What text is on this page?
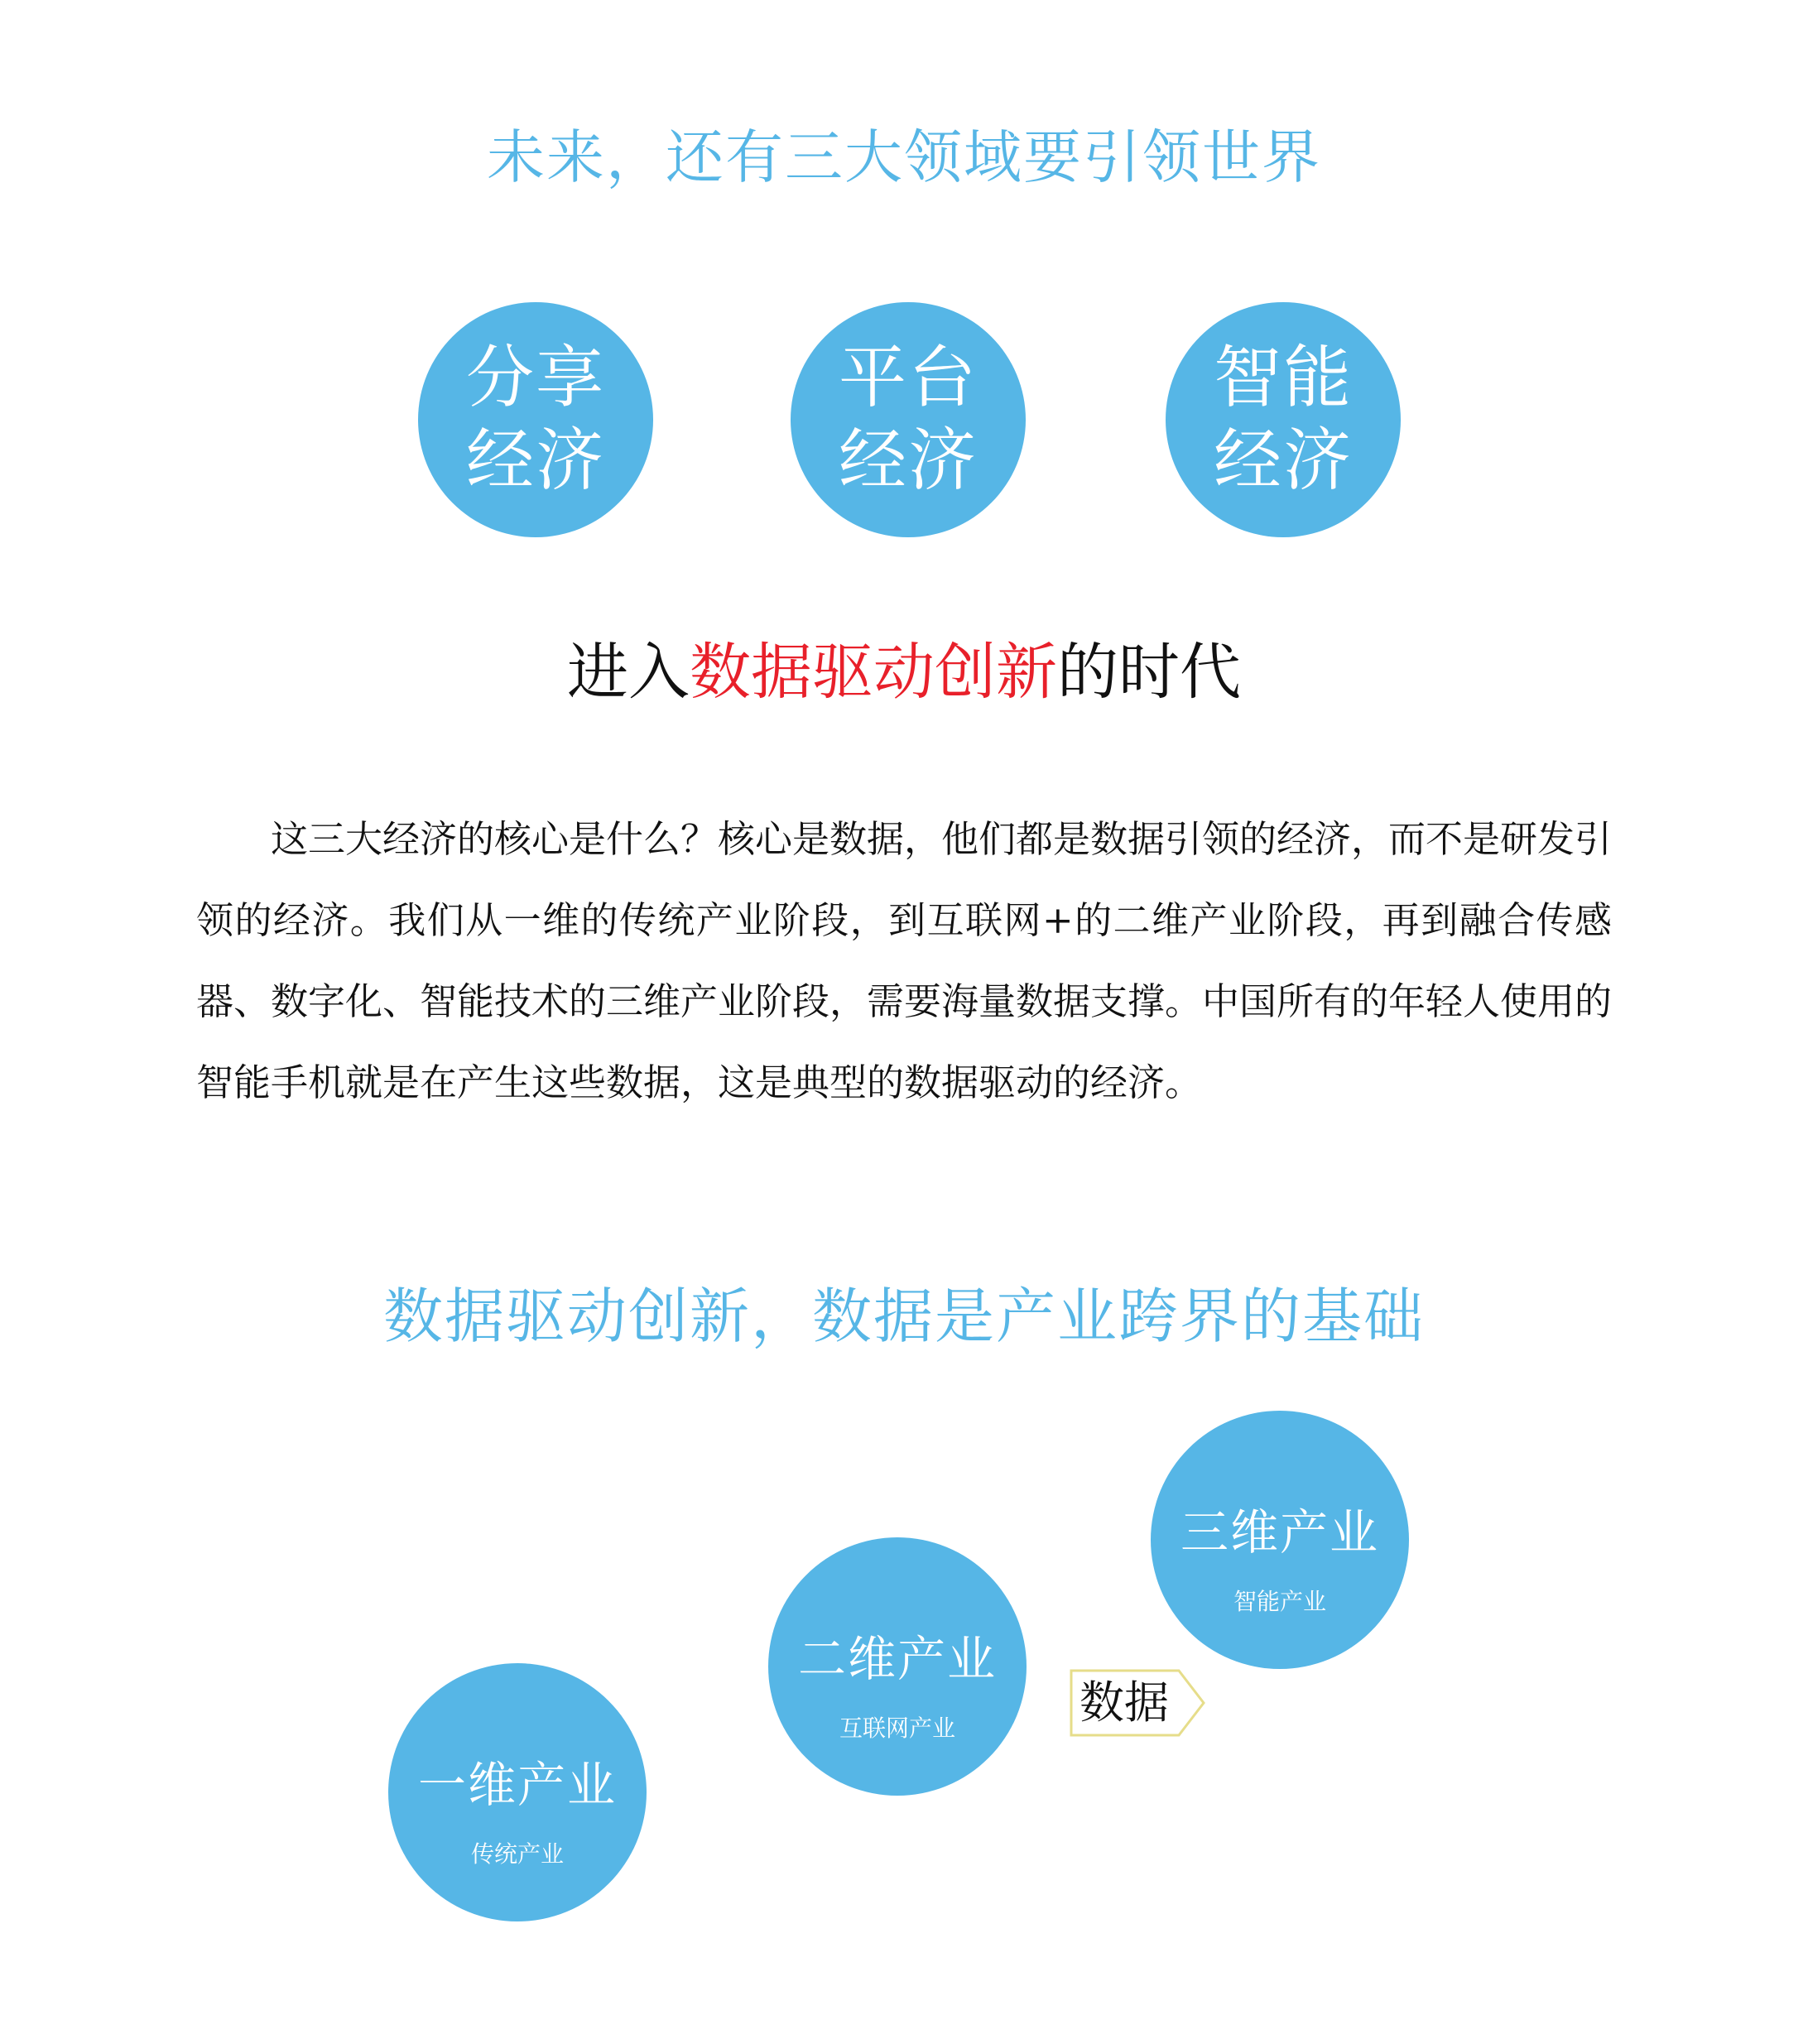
未来，还有三大领域要引领世界
分享
经济
平台
经济
智能
经济
进入数据驱动创新的时代

这三大经济的核心是什么？核心是数据，他们都是数据引领的经济，而不是研发引领的经济。我们从一维的传统产业阶段，到互联网+的二维产业阶段，再到融合传感器、数字化、智能技术的三维产业阶段，需要海量数据支撑。中国所有的年轻人使用的智能手机就是在产生这些数据，这是典型的数据驱动的经济。

数据驱动创新，数据是产业跨界的基础
一维产业
传统产业
二维产业
互联网产业
三维产业
智能产业
数据
